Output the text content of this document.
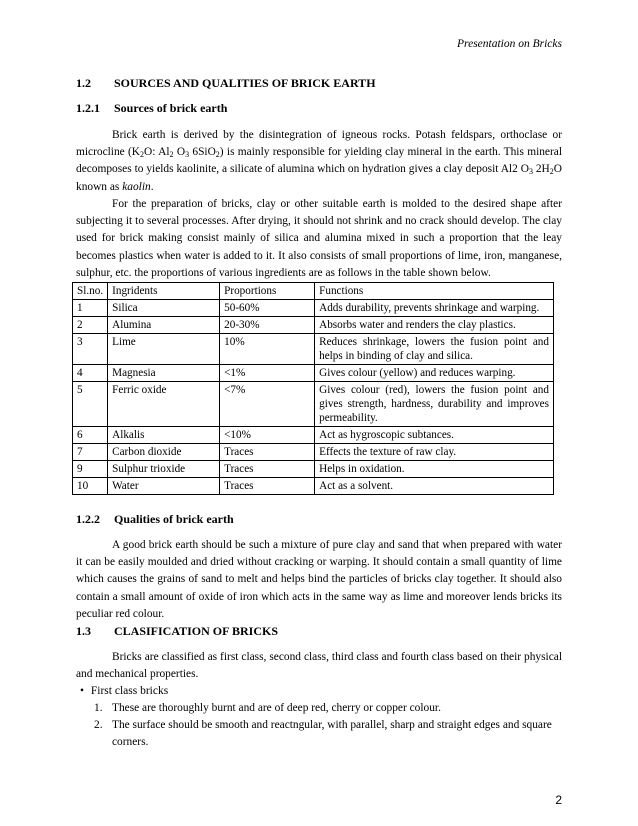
Presentation on Bricks
1.2 SOURCES AND QUALITIES OF BRICK EARTH
1.2.1 Sources of brick earth

Brick earth is derived by the disintegration of igneous rocks. Potash feldspars, orthoclase or microcline ($K_2O$: $Al_2$ $O_3$ 6SiO$_2$) is mainly responsible for yielding clay mineral in the earth. This mineral decomposes to yields kaolinite, a silicate of alumina which on hydration gives a clay deposit Al2 $O_3$ $2H_2O$ known as kaolin.

For the preparation of bricks, clay or other suitable earth is molded to the desired shape after subjecting it to several processes. After drying, it should not shrink and no crack should develop. The clay used for brick making consist mainly of silica and alumina mixed in such a proportion that the leay becomes plastics when water is added to it. It also consists of small proportions of lime, iron, manganese, sulphur, etc. the proportions of various ingredients are as follows in the table shown below.

Sl.no.	Ingridents	Proportions	Functions
1	Silica	50-60%	Adds durability, prevents shrinkage and warping.
2	Alumina	20-30%	Absorbs water and renders the clay plastics.
3	Lime	10%	Reduces shrinkage, lowers the fusion point and helps in binding of clay and silica.
4	Magnesia	<1%	Gives colour (yellow) and reduces warping.
5	Ferric oxide	<7%	Gives colour (red), lowers the fusion point and gives strength, hardness, durability and improves permeability.
6	Alkalis	<10%	Act as hygroscopic subtances.
7	Carbon dioxide	Traces	Effects the texture of raw clay.
9	Sulphur trioxide	Traces	Helps in oxidation.
10	Water	Traces	Act as a solvent.
1.2.2 Qualities of brick earth

A good brick earth should be such a mixture of pure clay and sand that when prepared with water it can be easily moulded and dried without cracking or warping. It should contain a small quantity of lime which causes the grains of sand to melt and helps bind the particles of bricks clay together. It should also contain a small amount of oxide of iron which acts in the same way as lime and moreover lends bricks its peculiar red colour.

1.3 CLASIFICATION OF BRICKS

Bricks are classified as first class, second class, third class and fourth class based on their physical and mechanical properties.

• First class bricks
1. These are thoroughly burnt and are of deep red, cherry or copper colour.
2. The surface should be smooth and reactngular, with parallel, sharp and straight edges and square corners.
2
